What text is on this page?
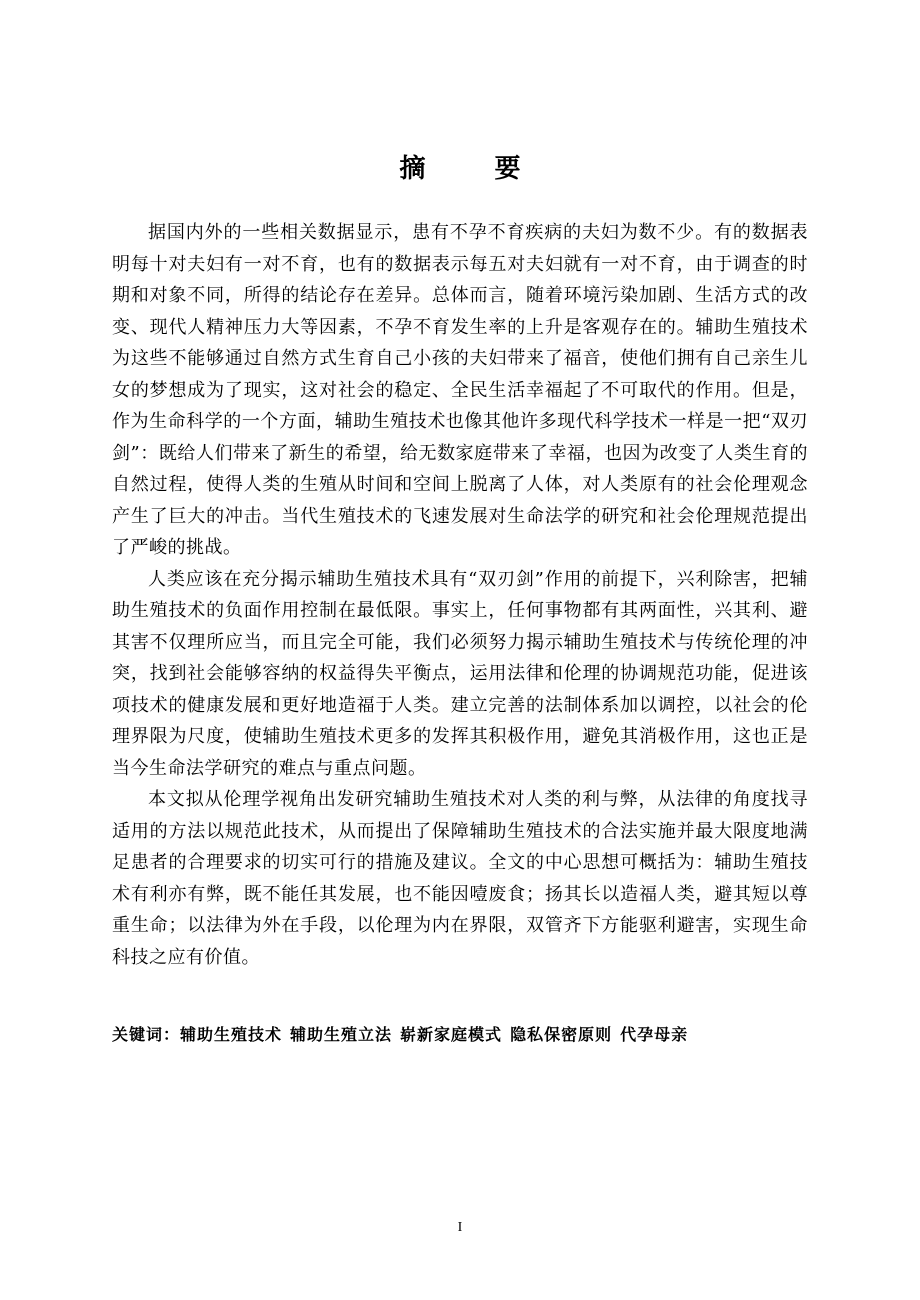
摘 要

据国内外的一些相关数据显示，患有不孕不育疾病的夫妇为数不少。有的数据表明每十对夫妇有一对不育，也有的数据表示每五对夫妇就有一对不育，由于调查的时期和对象不同，所得的结论存在差异。总体而言，随着环境污染加剧、生活方式的改变、现代人精神压力大等因素，不孕不育发生率的上升是客观存在的。辅助生殖技术为这些不能够通过自然方式生育自己小孩的夫妇带来了福音，使他们拥有自己亲生儿女的梦想成为了现实，这对社会的稳定、全民生活幸福起了不可取代的作用。但是，作为生命科学的一个方面，辅助生殖技术也像其他许多现代科学技术一样是一把“双刃剑”：既给人们带来了新生的希望，给无数家庭带来了幸福，也因为改变了人类生育的自然过程，使得人类的生殖从时间和空间上脱离了人体，对人类原有的社会伦理观念产生了巨大的冲击。当代生殖技术的飞速发展对生命法学的研究和社会伦理规范提出了严峻的挑战。

人类应该在充分揭示辅助生殖技术具有“双刃剑”作用的前提下，兴利除害，把辅助生殖技术的负面作用控制在最低限。事实上，任何事物都有其两面性，兴其利、避其害不仅理所应当，而且完全可能，我们必须努力揭示辅助生殖技术与传统伦理的冲突，找到社会能够容纳的权益得失平衡点，运用法律和伦理的协调规范功能，促进该项技术的健康发展和更好地造福于人类。建立完善的法制体系加以调控，以社会的伦理界限为尺度，使辅助生殖技术更多的发挥其积极作用，避免其消极作用，这也正是当今生命法学研究的难点与重点问题。

本文拟从伦理学视角出发研究辅助生殖技术对人类的利与弊，从法律的角度找寻适用的方法以规范此技术，从而提出了保障辅助生殖技术的合法实施并最大限度地满足患者的合理要求的切实可行的措施及建议。全文的中心思想可概括为：辅助生殖技术有利亦有弊，既不能任其发展，也不能因噎废食；扬其长以造福人类，避其短以尊重生命；以法律为外在手段，以伦理为内在界限，双管齐下方能驱利避害，实现生命科技之应有价值。

关键词：辅助生殖技术 辅助生殖立法 崭新家庭模式 隐私保密原则 代孕母亲
I
